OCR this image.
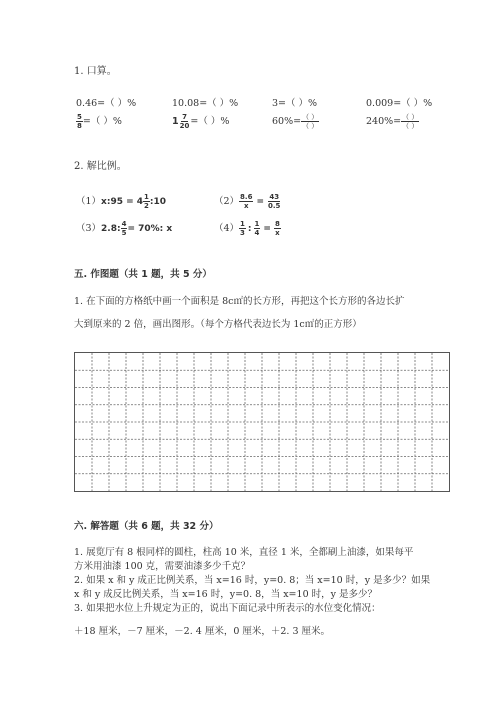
1. 口算。
0.46=（ ）%	10.08=（ ）%	3=（ ）%	0.009=（ ）%
$\frac{5}{8}$ =（ ）%	$1 \frac{7}{20}$ =（ ）%	$60\%= \frac{( )}{( )}$	$240\%= \frac{( )}{( )}$
2. 解比例。
（1）x:95 = $4 \frac{1}{2}$ :10	$(2) \frac{8.6}{x} = \frac{43}{0.5}$
（3）2.8: $\frac{4}{5} = 70\%$: x	$(4) \frac{1}{3}$ : $\frac{1}{4} = \frac{8}{x}$
五. 作图题（共 1 题，共 5 分）
1. 在下面的方格纸中画一个面积是 8c㎡的长方形，再把这个长方形的各边长扩
大到原来的 2 倍，画出图形。（每个方格代表边长为 1c㎡的正方形）
六. 解答题（共 6 题，共 32 分）
1. 展览厅有 8 根同样的圆柱，柱高 10 米，直径 1 米，全都刷上油漆，如果每平
方米用油漆 100 克，需要油漆多少千克？
2. 如果 x 和 y 成正比例关系，当 x=16 时，y=0. 8；当 x=10 时，y 是多少？如果
x 和 y 成反比例关系，当 x=16 时，y=0. 8，当 x=10 时，y 是多少？
3. 如果把水位上升规定为正的，说出下面记录中所表示的水位变化情况：
＋18 厘米，－7 厘米，－2. 4 厘米，0 厘米，＋2. 3 厘米。
